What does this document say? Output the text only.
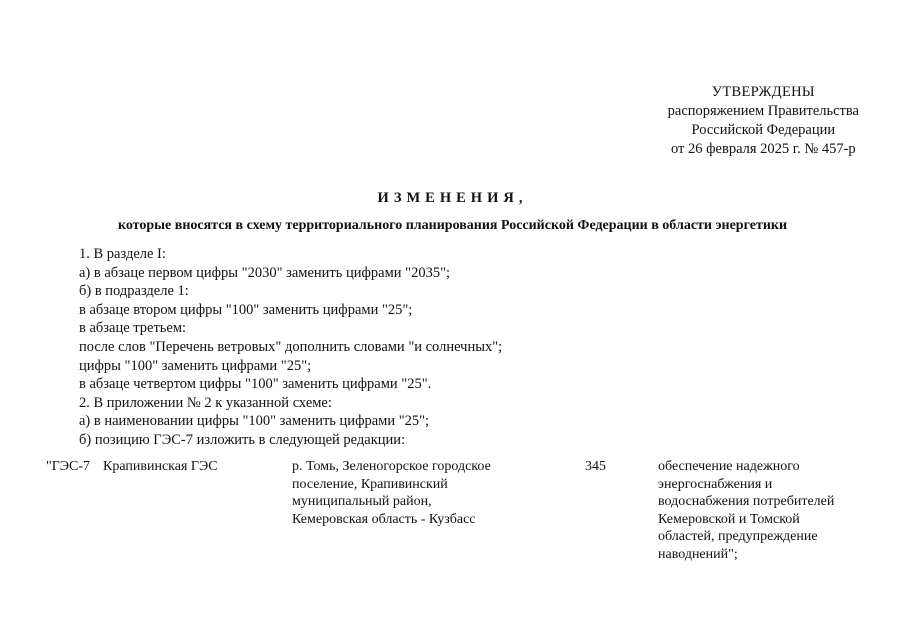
УТВЕРЖДЕНЫ
распоряжением Правительства
Российской Федерации
от 26 февраля 2025 г. № 457-р
ИЗМЕНЕНИЯ,
которые вносятся в схему территориального планирования Российской Федерации в области энергетики
1. В разделе I:
а) в абзаце первом цифры "2030" заменить цифрами "2035";
б) в подразделе 1:
в абзаце втором цифры "100" заменить цифрами "25";
в абзаце третьем:
после слов "Перечень ветровых" дополнить словами "и солнечных";
цифры "100" заменить цифрами "25";
в абзаце четвертом цифры "100" заменить цифрами "25".
2. В приложении № 2 к указанной схеме:
а) в наименовании цифры "100" заменить цифрами "25";
б) позицию ГЭС-7 изложить в следующей редакции:
"ГЭС-7 Крапивинская ГЭС	р. Томь, Зеленогорское городское
поселение, Крапивинский
муниципальный район,
Кемеровская область - Кузбасс
345	обеспечение надежного
энергоснабжения и
водоснабжения потребителей
Кемеровской и Томской
областей, предупреждение
наводнений";
